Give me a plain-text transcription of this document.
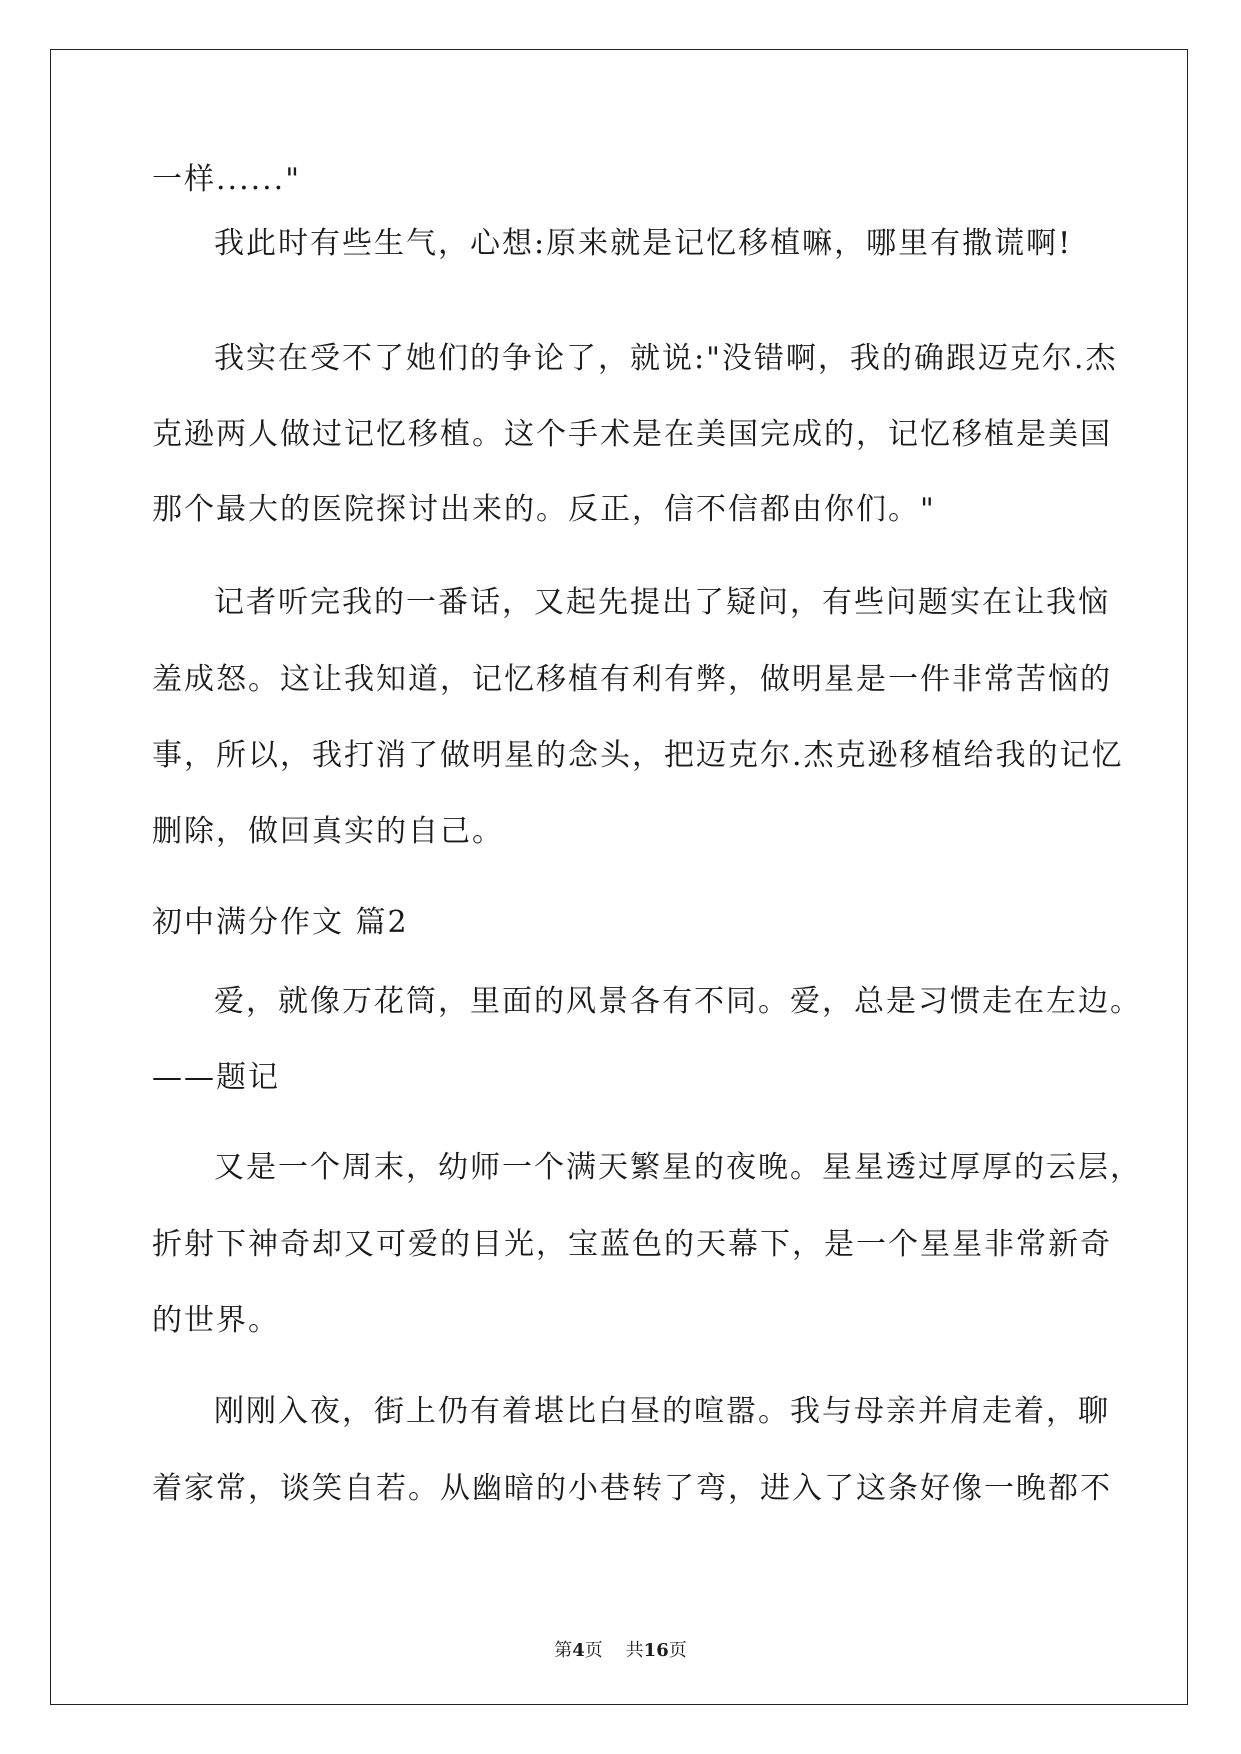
一样......"

我此时有些生气，心想:原来就是记忆移植嘛，哪里有撒谎啊!

我实在受不了她们的争论了，就说:"没错啊，我的确跟迈克尔.杰

克逊两人做过记忆移植。这个手术是在美国完成的，记忆移植是美国

那个最大的医院探讨出来的。反正，信不信都由你们。"

记者听完我的一番话，又起先提出了疑问，有些问题实在让我恼

羞成怒。这让我知道，记忆移植有利有弊，做明星是一件非常苦恼的

事，所以，我打消了做明星的念头，把迈克尔.杰克逊移植给我的记忆

删除，做回真实的自己。

初中满分作文 篇2

爱，就像万花筒，里面的风景各有不同。爱，总是习惯走在左边。

——题记

又是一个周末，幼师一个满天繁星的夜晚。星星透过厚厚的云层，

折射下神奇却又可爱的目光，宝蓝色的天幕下，是一个星星非常新奇

的世界。

刚刚入夜，街上仍有着堪比白昼的喧嚣。我与母亲并肩走着，聊

着家常，谈笑自若。从幽暗的小巷转了弯，进入了这条好像一晚都不

第4页 共16页
